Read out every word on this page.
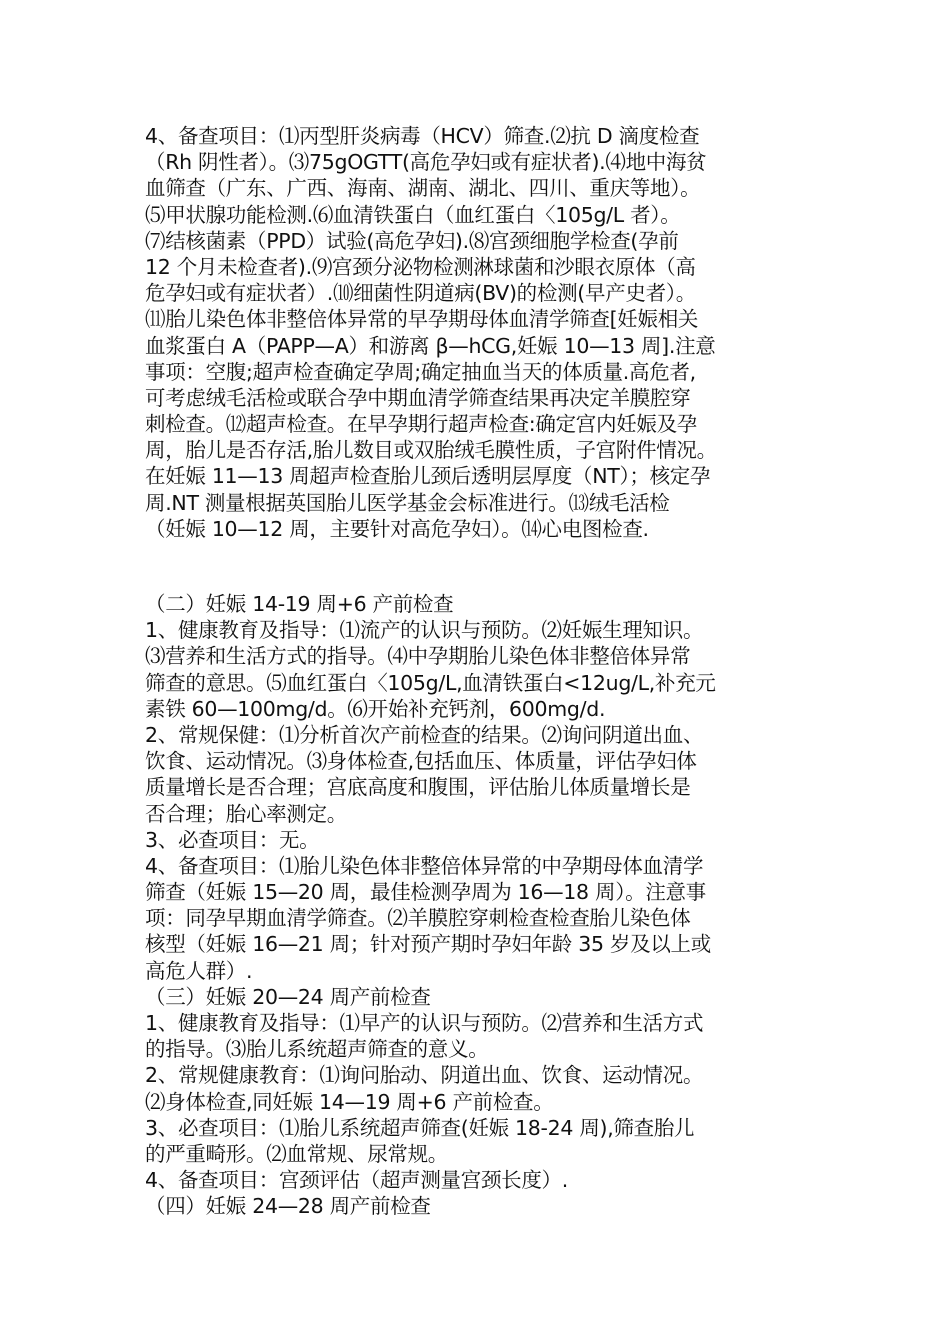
4、备查项目：⑴丙型肝炎病毒（HCV）筛查.⑵抗 D 滴度检查
（Rh 阴性者）。⑶75gOGTT(高危孕妇或有症状者).⑷地中海贫
血筛查（广东、广西、海南、湖南、湖北、四川、重庆等地）。
⑸甲状腺功能检测.⑹血清铁蛋白（血红蛋白〈105g/L 者）。
⑺结核菌素（PPD）试验(高危孕妇).⑻宫颈细胞学检查(孕前
12 个月未检查者).⑼宫颈分泌物检测淋球菌和沙眼衣原体（高
危孕妇或有症状者）.⑽细菌性阴道病(BV)的检测(早产史者）。
⑾胎儿染色体非整倍体异常的早孕期母体血清学筛查[妊娠相关
血浆蛋白 A（PAPP—A）和游离 β—hCG,妊娠 10—13 周].注意
事项：空腹;超声检查确定孕周;确定抽血当天的体质量.高危者,
可考虑绒毛活检或联合孕中期血清学筛查结果再决定羊膜腔穿
刺检查。⑿超声检查。在早孕期行超声检查:确定宫内妊娠及孕
周，胎儿是否存活,胎儿数目或双胎绒毛膜性质，子宫附件情况。
在妊娠 11—13 周超声检查胎儿颈后透明层厚度（NT）；核定孕
周.NT 测量根据英国胎儿医学基金会标准进行。⒀绒毛活检
（妊娠 10—12 周，主要针对高危孕妇）。⒁心电图检查.
（二）妊娠 14-19 周+6 产前检查
1、健康教育及指导：⑴流产的认识与预防。⑵妊娠生理知识。
⑶营养和生活方式的指导。⑷中孕期胎儿染色体非整倍体异常
筛查的意思。⑸血红蛋白〈105g/L,血清铁蛋白<12ug/L,补充元
素铁 60—100mg/d。⑹开始补充钙剂，600mg/d.
2、常规保健：⑴分析首次产前检查的结果。⑵询问阴道出血、
饮食、运动情况。⑶身体检查,包括血压、体质量，评估孕妇体
质量增长是否合理；宫底高度和腹围，评估胎儿体质量增长是
否合理；胎心率测定。
3、必查项目：无。
4、备查项目：⑴胎儿染色体非整倍体异常的中孕期母体血清学
筛查（妊娠 15—20 周，最佳检测孕周为 16—18 周）。注意事
项：同孕早期血清学筛查。⑵羊膜腔穿刺检查检查胎儿染色体
核型（妊娠 16—21 周；针对预产期时孕妇年龄 35 岁及以上或
高危人群）.
（三）妊娠 20—24 周产前检查
1、健康教育及指导：⑴早产的认识与预防。⑵营养和生活方式
的指导。⑶胎儿系统超声筛查的意义。
2、常规健康教育：⑴询问胎动、阴道出血、饮食、运动情况。
⑵身体检查,同妊娠 14—19 周+6 产前检查。
3、必查项目：⑴胎儿系统超声筛查(妊娠 18-24 周),筛查胎儿
的严重畸形。⑵血常规、尿常规。
4、备查项目：宫颈评估（超声测量宫颈长度）.
（四）妊娠 24—28 周产前检查
